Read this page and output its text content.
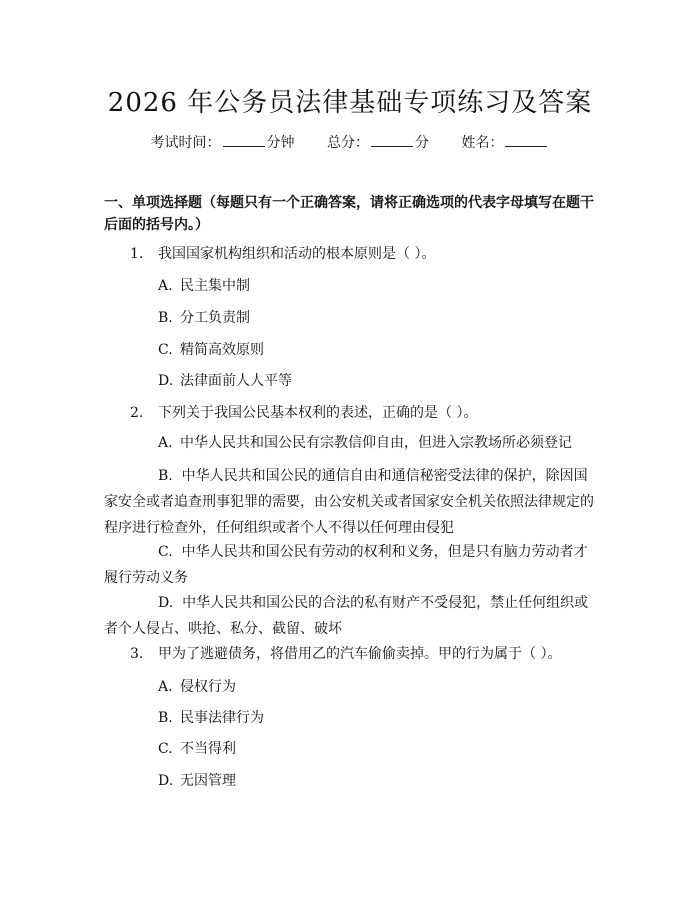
2026 年公务员法律基础专项练习及答案
考试时间：	分钟 总分：	分 姓名：
一、单项选择题（每题只有一个正确答案，请将正确选项的代表字母填写在题干后面的括号内。）
1. 我国国家机构组织和活动的根本原则是（ ）。
A. 民主集中制
B. 分工负责制
C. 精简高效原则
D. 法律面前人人平等
2. 下列关于我国公民基本权利的表述，正确的是（ ）。
A. 中华人民共和国公民有宗教信仰自由，但进入宗教场所必须登记
B. 中华人民共和国公民的通信自由和通信秘密受法律的保护，除因国家安全或者追查刑事犯罪的需要，由公安机关或者国家安全机关依照法律规定的程序进行检查外，任何组织或者个人不得以任何理由侵犯
C. 中华人民共和国公民有劳动的权利和义务，但是只有脑力劳动者才履行劳动义务
D. 中华人民共和国公民的合法的私有财产不受侵犯，禁止任何组织或者个人侵占、哄抢、私分、截留、破坏
3. 甲为了逃避债务，将借用乙的汽车偷偷卖掉。甲的行为属于（ ）。
A. 侵权行为
B. 民事法律行为
C. 不当得利
D. 无因管理
